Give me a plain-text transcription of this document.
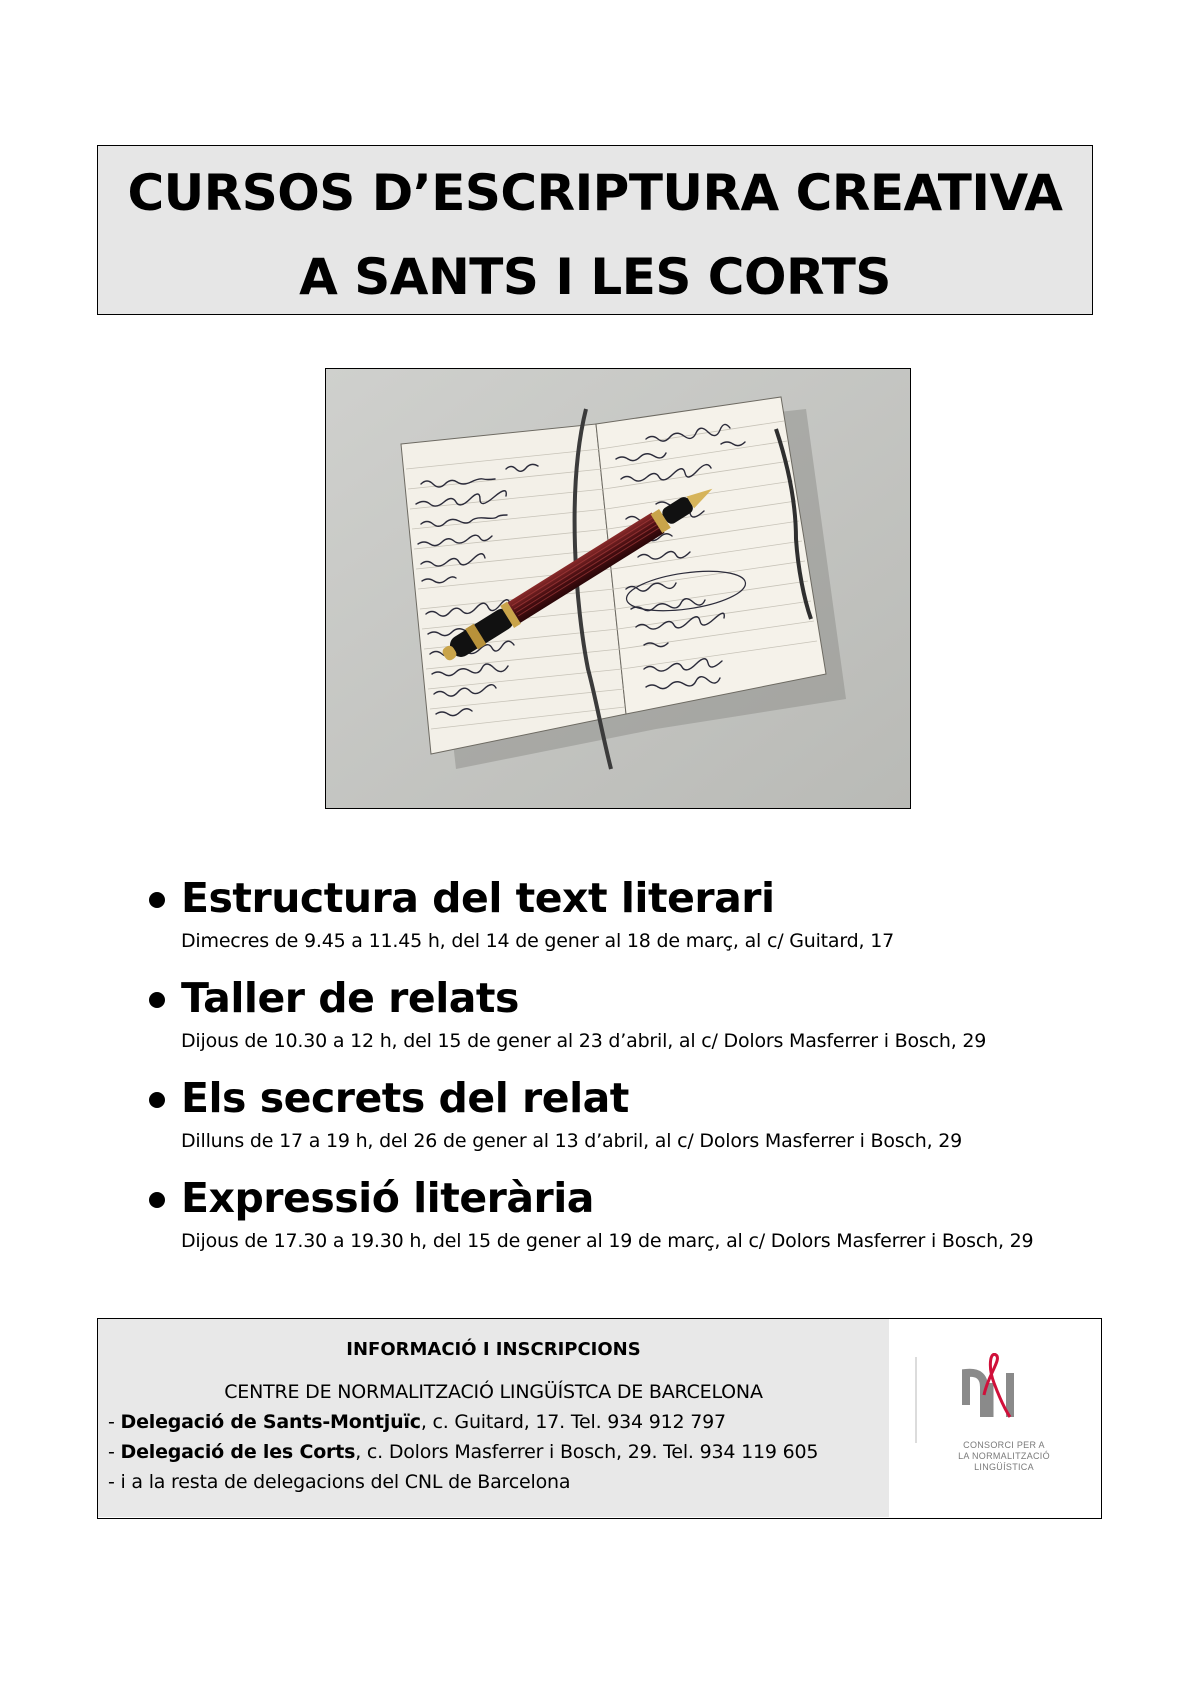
CURSOS D’ESCRIPTURA CREATIVA
A SANTS I LES CORTS
Estructura del text literari
Dimecres de 9.45 a 11.45 h, del 14 de gener al 18 de març, al c/ Guitard, 17
Taller de relats
Dijous de 10.30 a 12 h, del 15 de gener al 23 d’abril, al c/ Dolors Masferrer i Bosch, 29
Els secrets del relat
Dilluns de 17 a 19 h, del 26 de gener al 13 d’abril, al c/ Dolors Masferrer i Bosch, 29
Expressió literària
Dijous de 17.30 a 19.30 h, del 15 de gener al 19 de març, al c/ Dolors Masferrer i Bosch, 29
INFORMACIÓ I INSCRIPCIONS
CENTRE DE NORMALITZACIÓ LINGÜÍSTCA DE BARCELONA
- Delegació de Sants-Montjuïc, c. Guitard, 17. Tel. 934 912 797
- Delegació de les Corts, c. Dolors Masferrer i Bosch, 29. Tel. 934 119 605
- i a la resta de delegacions del CNL de Barcelona
CONSORCI PER A
LA NORMALITZACIÓ
LINGÜÍSTICA
